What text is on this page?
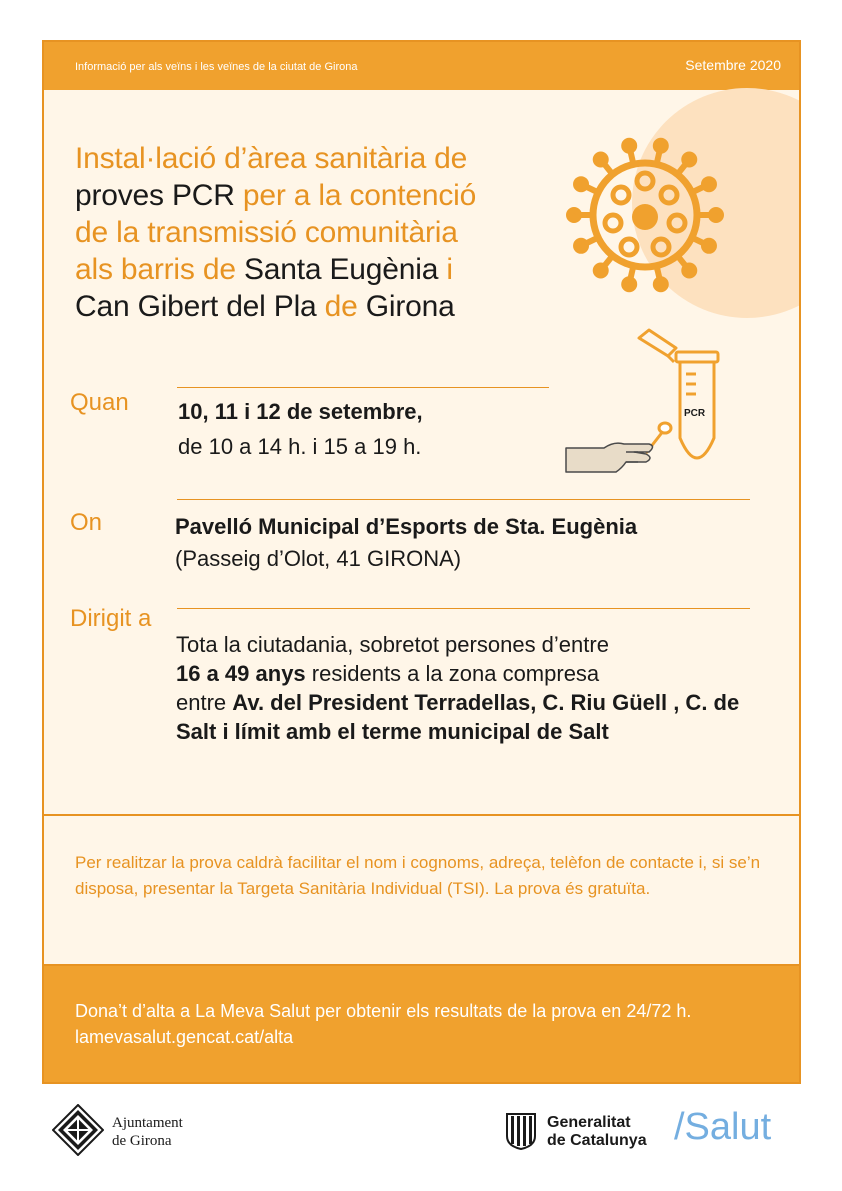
Informació per als veïns i les veïnes de la ciutat de Girona	Setembre 2020
Instal·lació d’àrea sanitària de
proves PCR per a la contenció
de la transmissió comunitària
als barris de Santa Eugènia i
Can Gibert del Pla de Girona
PCR
Quan 10, 11 i 12 de setembre,
de 10 a 14 h. i 15 a 19 h.
On	Pavelló Municipal d’Esports de Sta. Eugènia
(Passeig d’Olot, 41 GIRONA)
Dirigit a
Tota la ciutadania, sobretot persones d’entre
16 a 49 anys residents a la zona compresa
entre Av. del President Terradellas, C. Riu Güell , C. de Salt i límit amb el terme municipal de Salt
Per realitzar la prova caldrà facilitar el nom i cognoms, adreça, telèfon de contacte i, si se’n disposa, presentar la Targeta Sanitària Individual (TSI). La prova és gratuïta.
Dona’t d’alta a La Meva Salut per obtenir els resultats de la prova en 24/72 h. lamevasalut.gencat.cat/alta
Ajuntament
de Girona
Generalitat
de Catalunya /Salut
